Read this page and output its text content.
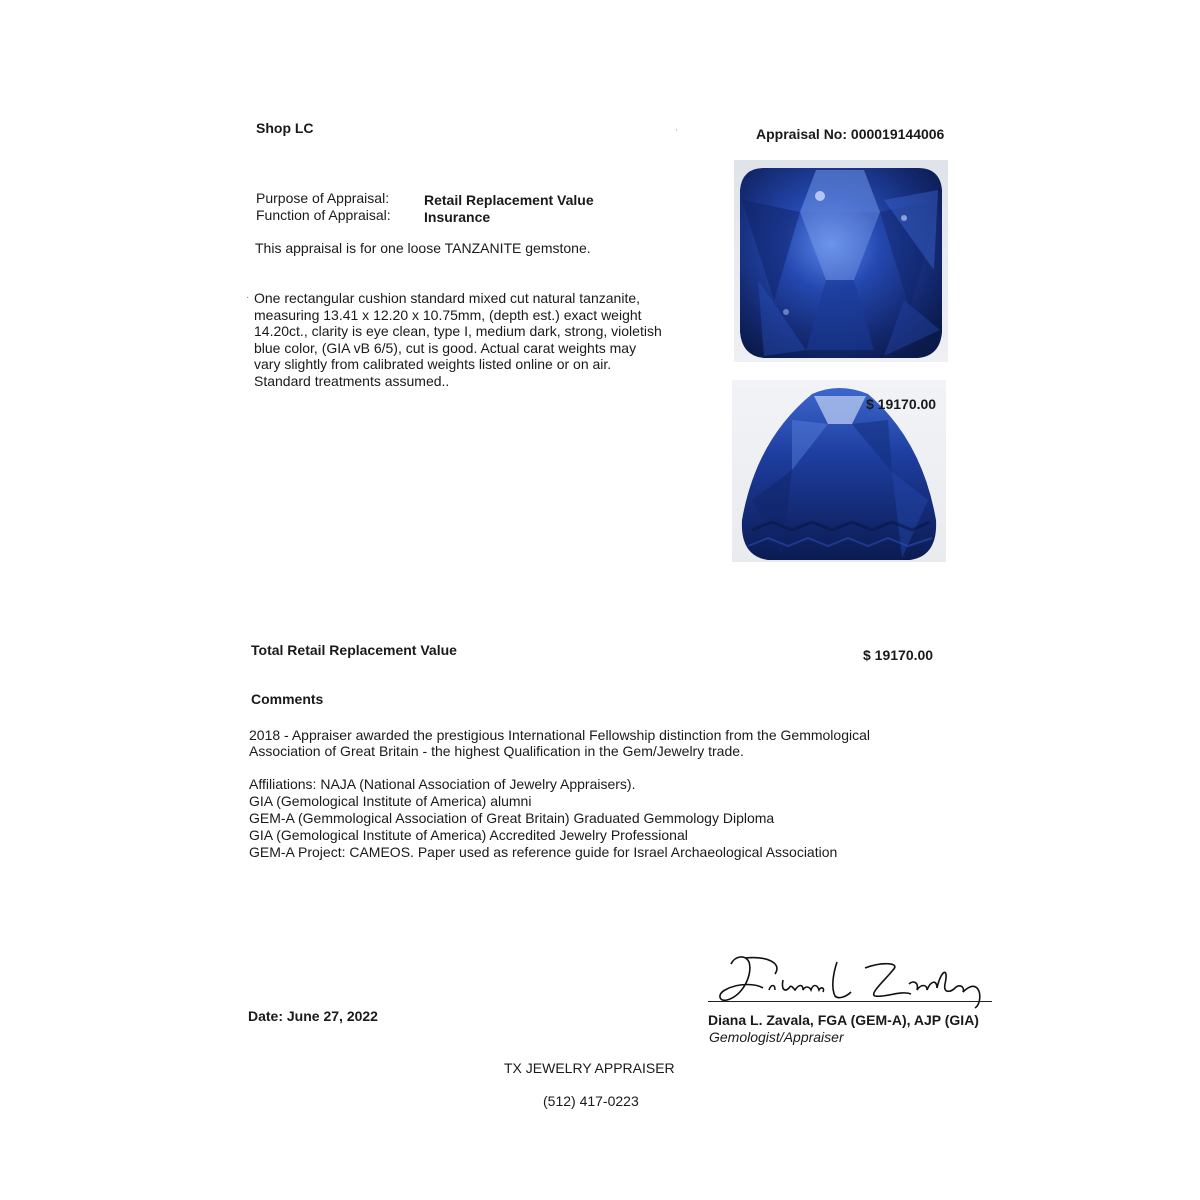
Shop LC	'	Appraisal No: 000019144006
Purpose of Appraisal: Retail Replacement Value
Function of Appraisal: Insurance
This appraisal is for one loose TANZANITE gemstone.
· One rectangular cushion standard mixed cut natural tanzanite,
measuring 13.41 x 12.20 x 10.75mm, (depth est.) exact weight
14.20ct., clarity is eye clean, type I, medium dark, strong, violetish
blue color, (GIA vB 6/5), cut is good. Actual carat weights may
vary slightly from calibrated weights listed online or on air.
Standard treatments assumed..
$ 19170.00
Total Retail Replacement Value	$ 19170.00
Comments
2018 - Appraiser awarded the prestigious International Fellowship distinction from the Gemmological
Association of Great Britain - the highest Qualification in the Gem/Jewelry trade.
Affiliations: NAJA (National Association of Jewelry Appraisers).
GIA (Gemological Institute of America) alumni
GEM-A (Gemmological Association of Great Britain) Graduated Gemmology Diploma
GIA (Gemological Institute of America) Accredited Jewelry Professional
GEM-A Project: CAMEOS. Paper used as reference guide for Israel Archaeological Association
Date: June 27, 2022	Diana L. Zavala, FGA (GEM-A), AJP (GIA)
Gemologist/Appraiser
TX JEWELRY APPRAISER
(512) 417-0223
